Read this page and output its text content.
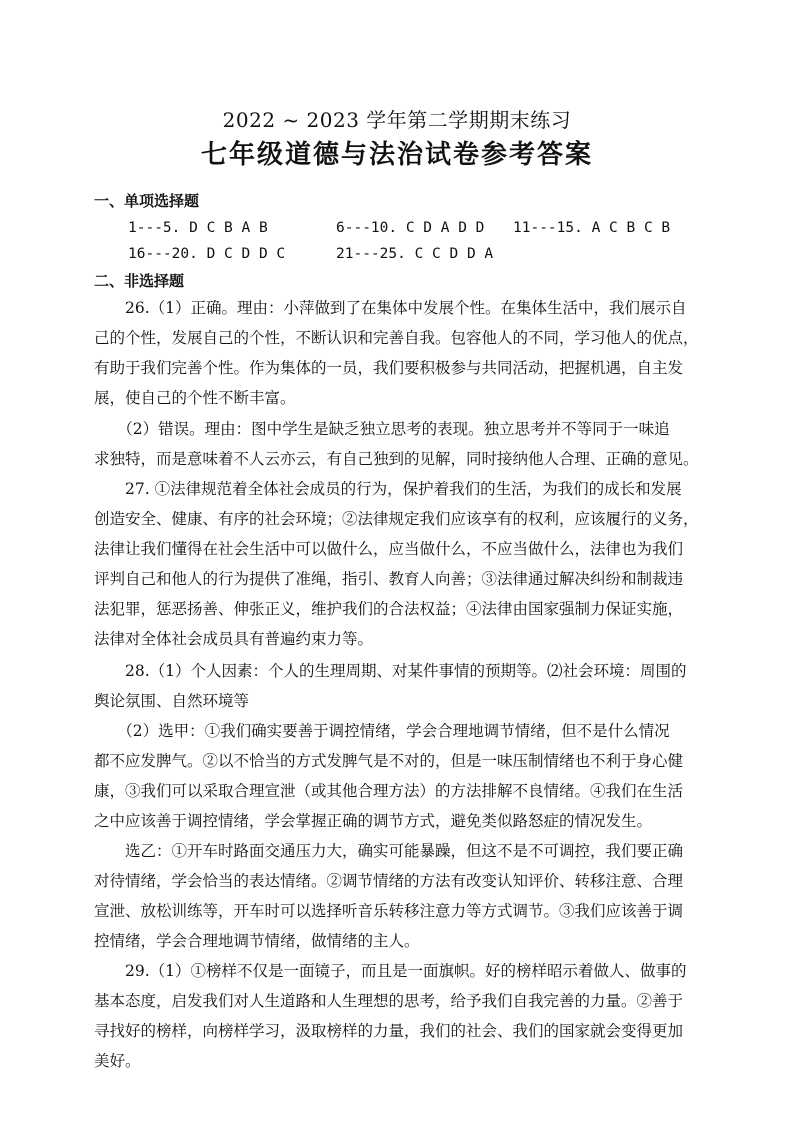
2022 ~ 2023 学年第二学期期末练习
七年级道德与法治试卷参考答案
一、单项选择题
1---5. D C B A B	6---10. C D A D D 11---15. A C B C B
16---20. D C D D C	21---25. C C D D A
二、非选择题
　　26.（1）正确。理由：小萍做到了在集体中发展个性。在集体生活中，我们展示自
己的个性，发展自己的个性，不断认识和完善自我。包容他人的不同，学习他人的优点，
有助于我们完善个性。作为集体的一员，我们要积极参与共同活动，把握机遇，自主发
展，使自己的个性不断丰富。
　　（2）错误。理由：图中学生是缺乏独立思考的表现。独立思考并不等同于一味追
求独特，而是意味着不人云亦云，有自己独到的见解，同时接纳他人合理、正确的意见。
　　27. ①法律规范着全体社会成员的行为，保护着我们的生活，为我们的成长和发展
创造安全、健康、有序的社会环境；②法律规定我们应该享有的权利，应该履行的义务，
法律让我们懂得在社会生活中可以做什么，应当做什么，不应当做什么，法律也为我们
评判自己和他人的行为提供了准绳，指引、教育人向善；③法律通过解决纠纷和制裁违
法犯罪，惩恶扬善、伸张正义，维护我们的合法权益；④法律由国家强制力保证实施，
法律对全体社会成员具有普遍约束力等。
　　28.（1）个人因素：个人的生理周期、对某件事情的预期等。⑵社会环境：周围的
舆论氛围、自然环境等
　　（2）选甲：①我们确实要善于调控情绪，学会合理地调节情绪，但不是什么情况
都不应发脾气。②以不恰当的方式发脾气是不对的，但是一味压制情绪也不利于身心健
康，③我们可以采取合理宣泄（或其他合理方法）的方法排解不良情绪。④我们在生活
之中应该善于调控情绪，学会掌握正确的调节方式，避免类似路怒症的情况发生。
　　选乙：①开车时路面交通压力大，确实可能暴躁，但这不是不可调控，我们要正确
对待情绪，学会恰当的表达情绪。②调节情绪的方法有改变认知评价、转移注意、合理
宣泄、放松训练等，开车时可以选择听音乐转移注意力等方式调节。③我们应该善于调
控情绪，学会合理地调节情绪，做情绪的主人。
　　29.（1）①榜样不仅是一面镜子，而且是一面旗帜。好的榜样昭示着做人、做事的
基本态度，启发我们对人生道路和人生理想的思考，给予我们自我完善的力量。②善于
寻找好的榜样，向榜样学习，汲取榜样的力量，我们的社会、我们的国家就会变得更加
美好。
